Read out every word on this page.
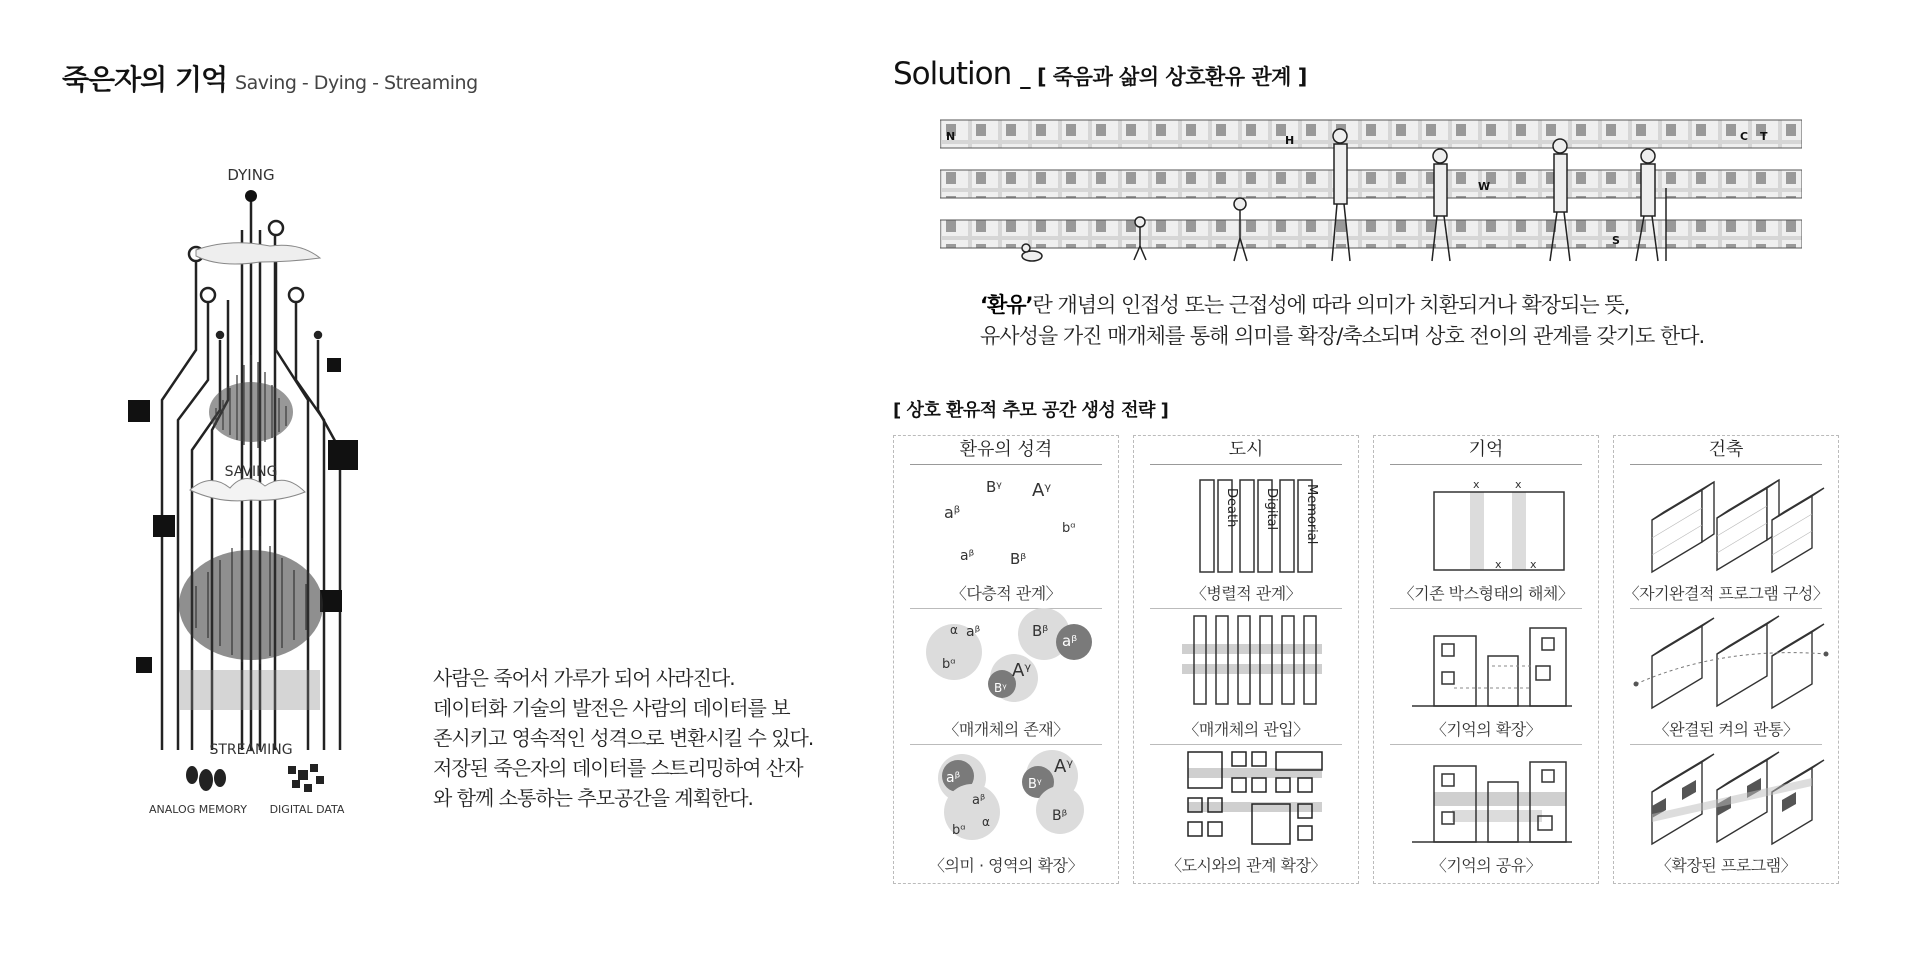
죽은자의 기억 Saving - Dying - Streaming
DYING
SAVING
STREAMING
ANALOG MEMORY DIGITAL DATA
사람은 죽어서 가루가 되어 사라진다.
데이터화 기술의 발전은 사람의 데이터를 보
존시키고 영속적인 성격으로 변환시킬 수 있다.
저장된 죽은자의 데이터를 스트리밍하여 산자
와 함께 소통하는 추모공간을 계획한다.
Solution _ [ 죽음과 삶의 상호환유 관계 ]
N	H	C T
W
S
‘환유’란 개념의 인접성 또는 근접성에 따라 의미가 치환되거나 확장되는 뜻,
유사성을 가진 매개체를 통해 의미를 확장/축소되며 상호 전이의 관계를 갖기도 한다.
[ 상호 환유적 추모 공간 생성 전략 ]
환유의 성격
Bᵞ Aᵞ
aᵝ
bᵅ
aᵝ Bᵝ
〈다층적 관계〉
α aᵝ
bᵅ
Bᵝ
aᵝ
Aᵞ
Bᵞ
〈매개체의 존재〉
aᵝ
aᵝ
bᵅ
α
Bᵞ
Aᵞ
Bᵝ
〈의미 · 영역의 확장〉
도시
Death Digital Memorial
〈병렬적 관계〉
〈매개체의 관입〉
〈도시와의 관계 확장〉
기억
x	x
x	x
〈기존 박스형태의 해체〉
〈기억의 확장〉
〈기억의 공유〉
건축
〈자기완결적 프로그램 구성〉
〈완결된 켜의 관통〉
〈확장된 프로그램〉
